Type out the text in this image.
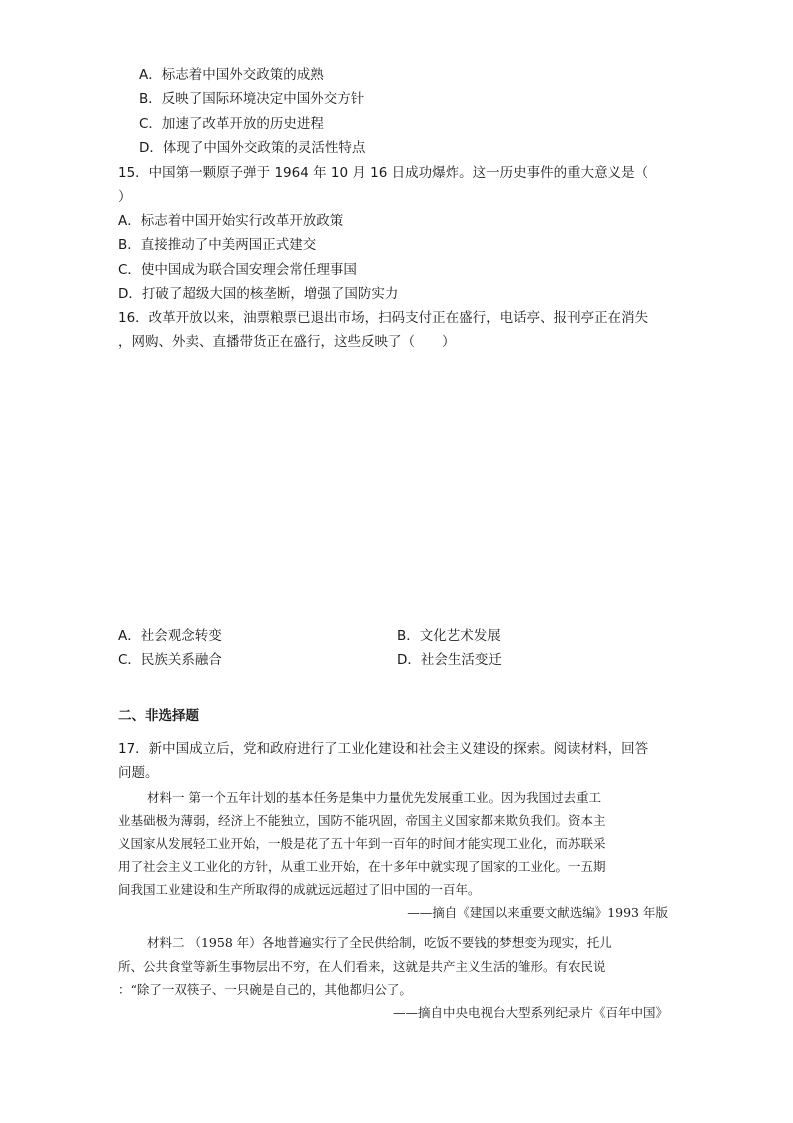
A．标志着中国外交政策的成熟
B．反映了国际环境决定中国外交方针
C．加速了改革开放的历史进程
D．体现了中国外交政策的灵活性特点
15．中国第一颗原子弹于 1964 年 10 月 16 日成功爆炸。这一历史事件的重大意义是（
）
A．标志着中国开始实行改革开放政策
B．直接推动了中美两国正式建交
C．使中国成为联合国安理会常任理事国
D．打破了超级大国的核垄断，增强了国防实力
16．改革开放以来，油票粮票已退出市场，扫码支付正在盛行，电话亭、报刊亭正在消失
，网购、外卖、直播带货正在盛行，这些反映了（　　）
A．社会观念转变	B．文化艺术发展
C．民族关系融合	D．社会生活变迁
二、非选择题
17．新中国成立后，党和政府进行了工业化建设和社会主义建设的探索。阅读材料，回答
问题。
材料一 第一个五年计划的基本任务是集中力量优先发展重工业。因为我国过去重工
业基础极为薄弱，经济上不能独立，国防不能巩固，帝国主义国家都来欺负我们。资本主
义国家从发展轻工业开始，一般是花了五十年到一百年的时间才能实现工业化，而苏联采
用了社会主义工业化的方针，从重工业开始，在十多年中就实现了国家的工业化。一五期
间我国工业建设和生产所取得的成就远远超过了旧中国的一百年。
——摘自《建国以来重要文献选编》1993 年版
材料二 （1958 年）各地普遍实行了全民供给制，吃饭不要钱的梦想变为现实，托儿
所、公共食堂等新生事物层出不穷，在人们看来，这就是共产主义生活的雏形。有农民说
：“除了一双筷子、一只碗是自己的，其他都归公了。
——摘自中央电视台大型系列纪录片《百年中国》
